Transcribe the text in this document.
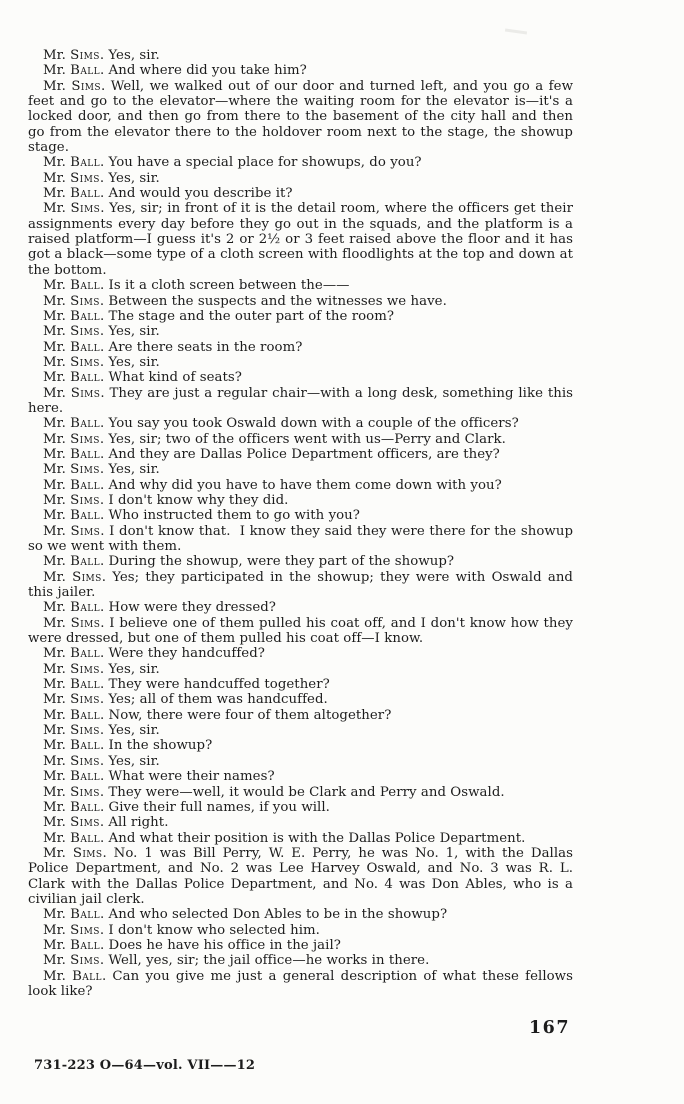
Mr. Sims. Yes, sir.

Mr. Ball. And where did you take him?

Mr. Sims. Well, we walked out of our door and turned left, and you go a few feet and go to the elevator—where the waiting room for the elevator is—it's a locked door, and then go from there to the basement of the city hall and then go from the elevator there to the holdover room next to the stage, the showup stage.

Mr. Ball. You have a special place for showups, do you?

Mr. Sims. Yes, sir.

Mr. Ball. And would you describe it?

Mr. Sims. Yes, sir; in front of it is the detail room, where the officers get their assignments every day before they go out in the squads, and the platform is a raised platform—I guess it's 2 or 2½ or 3 feet raised above the floor and it has got a black—some type of a cloth screen with floodlights at the top and down at the bottom.

Mr. Ball. Is it a cloth screen between the——

Mr. Sims. Between the suspects and the witnesses we have.

Mr. Ball. The stage and the outer part of the room?

Mr. Sims. Yes, sir.

Mr. Ball. Are there seats in the room?

Mr. Sims. Yes, sir.

Mr. Ball. What kind of seats?

Mr. Sims. They are just a regular chair—with a long desk, something like this here.

Mr. Ball. You say you took Oswald down with a couple of the officers?

Mr. Sims. Yes, sir; two of the officers went with us—Perry and Clark.

Mr. Ball. And they are Dallas Police Department officers, are they?

Mr. Sims. Yes, sir.

Mr. Ball. And why did you have to have them come down with you?

Mr. Sims. I don't know why they did.

Mr. Ball. Who instructed them to go with you?

Mr. Sims. I don't know that.  I know they said they were there for the showup so we went with them.

Mr. Ball. During the showup, were they part of the showup?

Mr. Sims. Yes; they participated in the showup; they were with Oswald and this jailer.

Mr. Ball. How were they dressed?

Mr. Sims. I believe one of them pulled his coat off, and I don't know how they were dressed, but one of them pulled his coat off—I know.

Mr. Ball. Were they handcuffed?

Mr. Sims. Yes, sir.

Mr. Ball. They were handcuffed together?

Mr. Sims. Yes; all of them was handcuffed.

Mr. Ball. Now, there were four of them altogether?

Mr. Sims. Yes, sir.

Mr. Ball. In the showup?

Mr. Sims. Yes, sir.

Mr. Ball. What were their names?

Mr. Sims. They were—well, it would be Clark and Perry and Oswald.

Mr. Ball. Give their full names, if you will.

Mr. Sims. All right.

Mr. Ball. And what their position is with the Dallas Police Department.

Mr. Sims. No. 1 was Bill Perry, W. E. Perry, he was No. 1, with the Dallas Police Department, and No. 2 was Lee Harvey Oswald, and No. 3 was R. L. Clark with the Dallas Police Department, and No. 4 was Don Ables, who is a civilian jail clerk.

Mr. Ball. And who selected Don Ables to be in the showup?

Mr. Sims. I don't know who selected him.

Mr. Ball. Does he have his office in the jail?

Mr. Sims. Well, yes, sir; the jail office—he works in there.

Mr. Ball. Can you give me just a general description of what these fellows look like?

167
731-223 O—64—vol. VII——12
